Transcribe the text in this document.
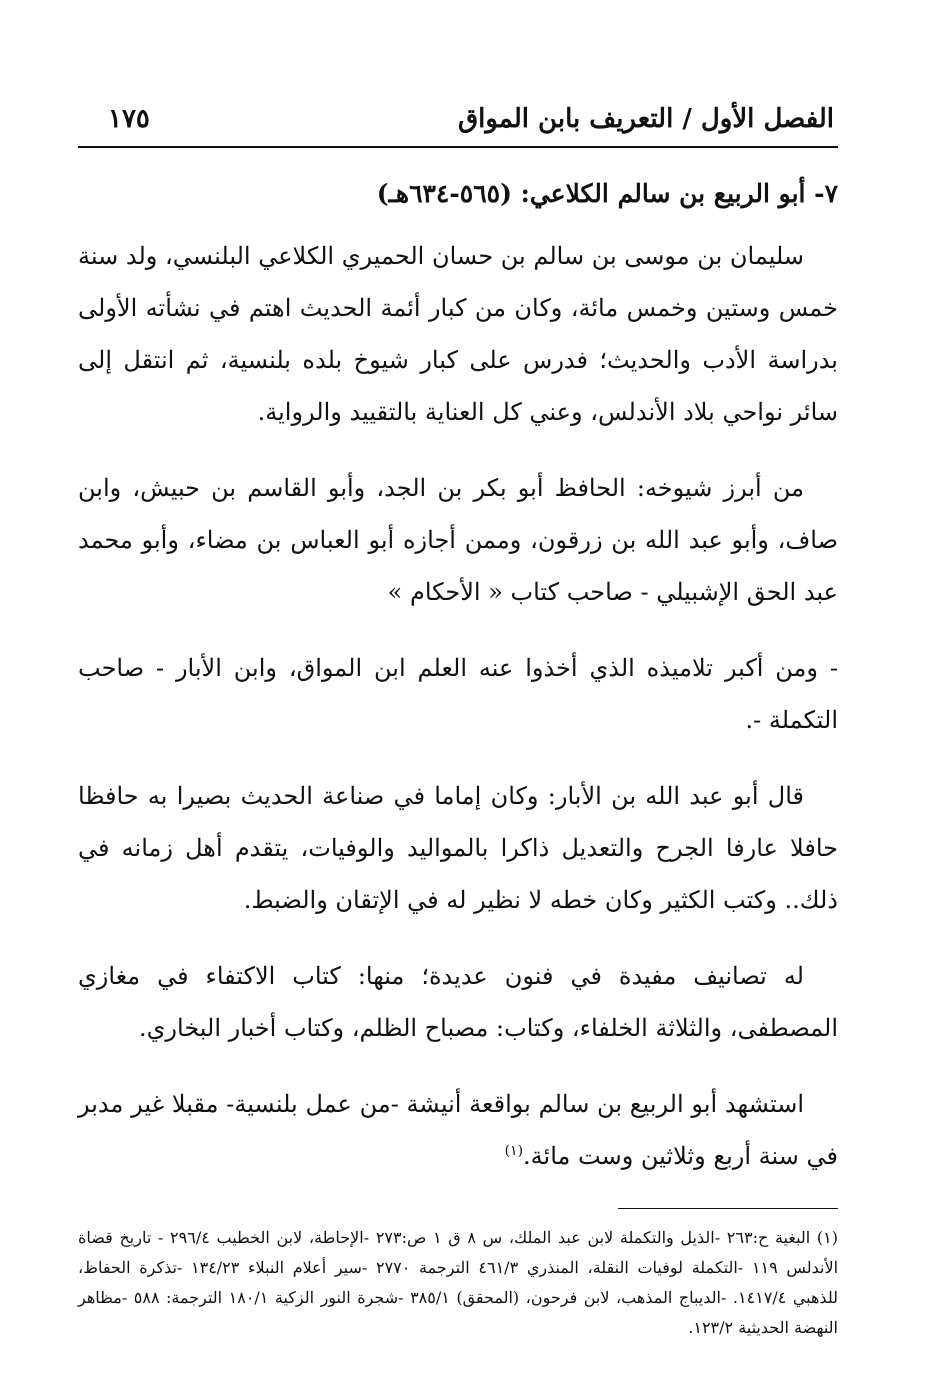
الفصل الأول / التعريف بابن المواق
١٧٥
٧- أبو الربيع بن سالم الكلاعي: (٥٦٥-٦٣٤هـ)

سليمان بن موسى بن سالم بن حسان الحميري الكلاعي البلنسي، ولد سنة خمس وستين وخمس مائة، وكان من كبار أئمة الحديث اهتم في نشأته الأولى بدراسة الأدب والحديث؛ فدرس على كبار شيوخ بلده بلنسية، ثم انتقل إلى سائر نواحي بلاد الأندلس، وعني كل العناية بالتقييد والرواية.

من أبرز شيوخه: الحافظ أبو بكر بن الجد، وأبو القاسم بن حبيش، وابن صاف، وأبو عبد الله بن زرقون، وممن أجازه أبو العباس بن مضاء، وأبو محمد عبد الحق الإشبيلي - صاحب كتاب « الأحكام »

- ومن أكبر تلاميذه الذي أخذوا عنه العلم ابن المواق، وابن الأبار - صاحب التكملة -.

قال أبو عبد الله بن الأبار: وكان إماما في صناعة الحديث بصيرا به حافظا حافلا عارفا الجرح والتعديل ذاكرا بالمواليد والوفيات، يتقدم أهل زمانه في ذلك.. وكتب الكثير وكان خطه لا نظير له في الإتقان والضبط.

له تصانيف مفيدة في فنون عديدة؛ منها: كتاب الاكتفاء في مغازي المصطفى، والثلاثة الخلفاء، وكتاب: مصباح الظلم، وكتاب أخبار البخاري.

استشهد أبو الربيع بن سالم بواقعة أنيشة -من عمل بلنسية- مقبلا غير مدبر في سنة أربع وثلاثين وست مائة.$^{(١)}$

(١) البغية ح:٢٦٣ -الذيل والتكملة لابن عبد الملك، س ٨ ق ١ ص:٢٧٣ -الإحاطة، لابن الخطيب ٢٩٦/٤ - تاريخ قضاة الأندلس ١١٩ -التكملة لوفيات النقلة، المنذري ٤٦١/٣ الترجمة ٢٧٧٠ -سير أعلام النبلاء ١٣٤/٢٣ -تذكرة الحفاظ، للذهبي ١٤١٧/٤. -الديباج المذهب، لابن فرحون، (المحقق) ٣٨٥/١ -شجرة النور الزكية ١٨٠/١ الترجمة: ٥٨٨ -مظاهر النهضة الحديثية ١٢٣/٢.
